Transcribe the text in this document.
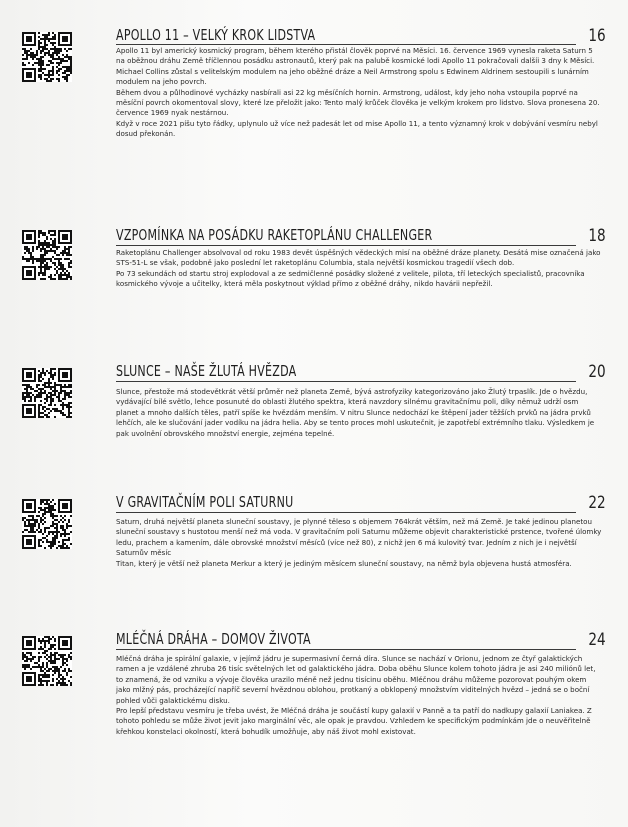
APOLLO 11 – VELKÝ KROK LIDSTVA	16

Apollo 11 byl americký kosmický program, během kterého přistál člověk poprvé na Měsíci. 16. července 1969 vynesla raketa Saturn 5 na oběžnou dráhu Země tříčlennou posádku astronautů, který pak na palubě kosmické lodi Apollo 11 pokračovali dalšíi 3 dny k Měsíci. Michael Collins zůstal s velitelským modulem na jeho oběžné dráze a Neil Armstrong spolu s Edwinem Aldrinem sestoupili s lunárním modulem na jeho povrch.

Během dvou a půlhodinové vycházky nasbírali asi 22 kg měsíčních hornin. Armstrong, událost, kdy jeho noha vstoupila poprvé na měsíční povrch okomentoval slovy, které lze přeložit jako: Tento malý krůček člověka je velkým krokem pro lidstvo. Slova pronesena 20. července 1969 nyak nestárnou.

Když v roce 2021 píšu tyto řádky, uplynulo už více než padesát let od mise Apollo 11, a tento významný krok v dobývání vesmíru nebyl dosud překonán.

VZPOMÍNKA NA POSÁDKU RAKETOPLÁNU CHALLENGER	18

Raketoplánu Challenger absolvoval od roku 1983 devět úspěšných vědeckých misí na oběžné dráze planety. Desátá mise označená jako STS-51-L se však, podobně jako poslední let raketoplánu Columbia, stala největší kosmickou tragedií všech dob.

Po 73 sekundách od startu stroj explodoval a ze sedmičlenné posádky složené z velitele, pilota, tří leteckých specialistů, pracovníka kosmického vývoje a učitelky, která měla poskytnout výklad přímo z oběžné dráhy, nikdo havárii nepřežil.

SLUNCE – NAŠE ŽLUTÁ HVĚZDA	20

Slunce, přestože má stodevětkrát větší průměr než planeta Země, bývá astrofyziky kategorizováno jako Žlutý trpaslík. Jde o hvězdu, vydávající bílé světlo, lehce posunuté do oblasti žlutého spektra, která navzdory silnému gravitačnímu poli, díky němuž udrží osm planet a mnoho dalších těles, patří spíše ke hvězdám menším. V nitru Slunce nedochází ke štěpení jader těžších prvků na jádra prvků lehčích, ale ke slučování jader vodíku na jádra helia. Aby se tento proces mohl uskutečnit, je zapotřebí extrémního tlaku. Výsledkem je pak uvolnění obrovského množství energie, zejména tepelné.

V GRAVITAČNÍM POLI SATURNU	22

Saturn, druhá největší planeta sluneční soustavy, je plynné těleso s objemem 764krát větším, než má Země. Je také jedinou planetou sluneční soustavy s hustotou menší než má voda. V gravitačním poli Saturnu můžeme objevit charakteristické prstence, tvořené úlomky ledu, prachem a kamením, dále obrovské množství měsíců (více než 80), z nichž jen 6 má kulovitý tvar. Jedním z nich je i největší Saturnův měsíc

Titan, který je větší než planeta Merkur a který je jediným měsícem sluneční soustavy, na němž byla objevena hustá atmosféra.

MLÉČNÁ DRÁHA – DOMOV ŽIVOTA	24

Mléčná dráha je spirální galaxie, v jejímž jádru je supermasivní černá díra. Slunce se nachází v Orionu, jednom ze čtyř galaktických ramen a je vzdálené zhruba 26 tisíc světelných let od galaktického jádra. Doba oběhu Slunce kolem tohoto jádra je asi 240 miliónů let, to znamená, že od vzniku a vývoje člověka urazilo méně než jednu tisícinu oběhu. Mléčnou dráhu můžeme pozorovat pouhým okem jako mlžný pás, procházející napříč severní hvězdnou oblohou, protkaný a obklopený množstvím viditelných hvězd – jedná se o boční pohled vůči galaktickému disku.

Pro lepší představu vesmíru je třeba uvést, že Mléčná dráha je součástí kupy galaxií v Panně a ta patří do nadkupy galaxií Laniakea. Z tohoto pohledu se může život jevit jako marginální věc, ale opak je pravdou. Vzhledem ke specifickým podmínkám jde o neuvěřitelně křehkou konstelaci okolností, která bohudík umožňuje, aby náš život mohl existovat.
